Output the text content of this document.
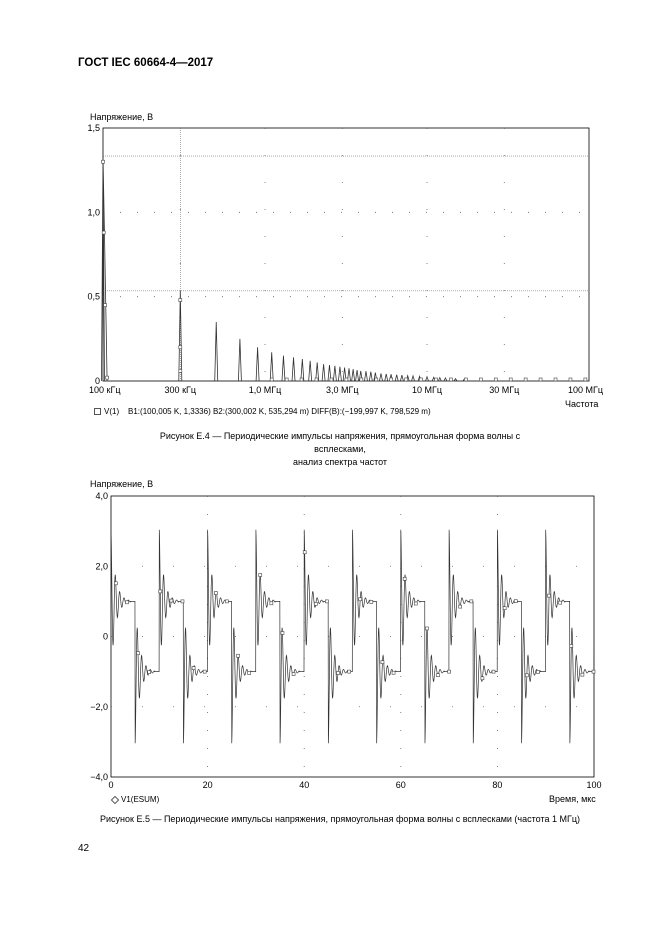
ГОСТ IEC 60664-4—2017
Напряжение, В
0
0,5
1,0
1,5
100 кГц	300 кГц	1,0 МГц	3,0 МГц	10 МГц	30 МГц	100 МГц
Частота
V(1) B1:(100,005 K, 1,3336) B2:(300,002 K, 535,294 m) DIFF(B):(−199,997 K, 798,529 m)
Рисунок Е.4 — Периодические импульсы напряжения, прямоугольная форма волны с всплесками,
анализ спектра частот
Напряжение, В
−4,0
−2,0
0
2,0
4,0
0	20	40	60	80	100
Время, мкс
V1(ESUM)
Рисунок Е.5 — Периодические импульсы напряжения, прямоугольная форма волны с всплесками (частота 1 МГц)
42
